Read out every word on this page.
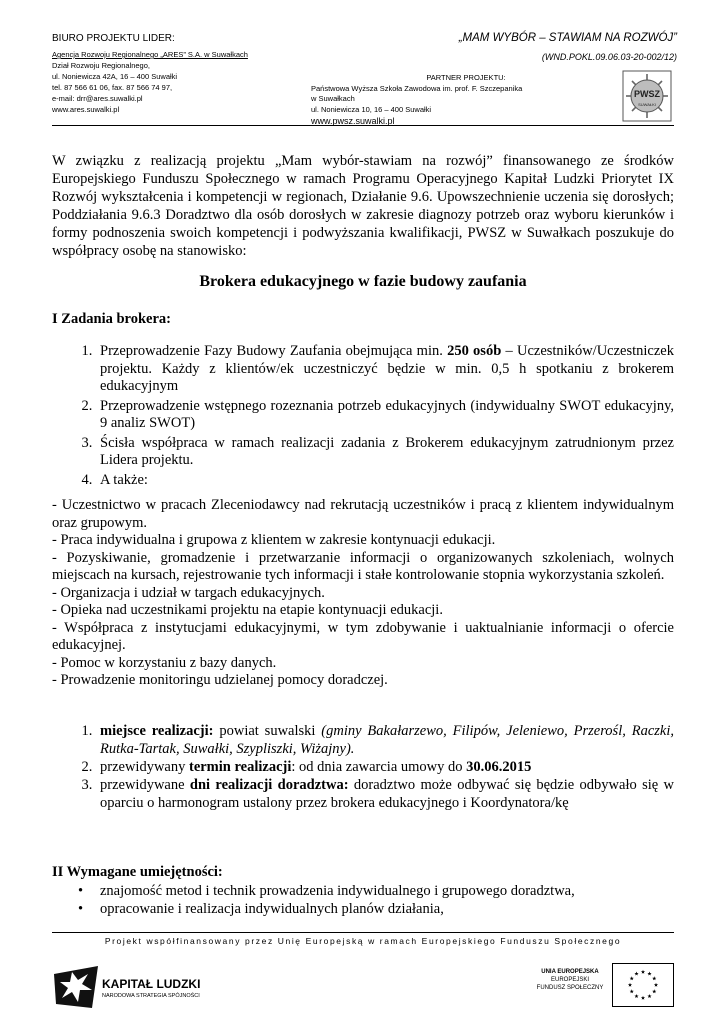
BIURO PROJEKTU LIDER:
Agencja Rozwoju Regionalnego „ARES” S.A. w Suwałkach
Dział Rozwoju Regionalnego,
ul. Noniewicza 42A, 16 – 400 Suwałki
tel. 87 566 61 06, fax. 87 566 74 97,
e-mail: drr@ares.suwalki.pl
www.ares.suwalki.pl
„MAM WYBÓR – STAWIAM NA ROZWÓJ”
(WND.POKL.09.06.03-20-002/12)
PARTNER PROJEKTU:
Państwowa Wyższa Szkoła Zawodowa im. prof. F. Szczepanika
w Suwałkach
ul. Noniewicza 10, 16 – 400 Suwałki
www.pwsz.suwalki.pl
PWSZ
SUWAŁKI
W związku z realizacją projektu „Mam wybór-stawiam na rozwój” finansowanego ze środków Europejskiego Funduszu Społecznego w ramach Programu Operacyjnego Kapitał Ludzki Priorytet IX Rozwój wykształcenia i kompetencji w regionach, Działanie 9.6. Upowszechnienie uczenia się dorosłych; Poddziałania 9.6.3 Doradztwo dla osób dorosłych w zakresie diagnozy potrzeb oraz wyboru kierunków i formy podnoszenia swoich kompetencji i podwyższania kwalifikacji, PWSZ w Suwałkach poszukuje do współpracy osobę na stanowisko:
Brokera edukacyjnego w fazie budowy zaufania
I Zadania brokera:
1. Przeprowadzenie Fazy Budowy Zaufania obejmująca min. 250 osób – Uczestników/Uczestniczek projektu. Każdy z klientów/ek uczestniczyć będzie w min. 0,5 h spotkaniu z brokerem edukacyjnym
2. Przeprowadzenie wstępnego rozeznania potrzeb edukacyjnych (indywidualny SWOT edukacyjny, 9 analiz SWOT)
3. Ścisła współpraca w ramach realizacji zadania z Brokerem edukacyjnym zatrudnionym przez Lidera projektu.
4. A także:

- Uczestnictwo w pracach Zleceniodawcy nad rekrutacją uczestników i pracą z klientem indywidualnym oraz grupowym.

- Praca indywidualna i grupowa z klientem w zakresie kontynuacji edukacji.

- Pozyskiwanie, gromadzenie i przetwarzanie informacji o organizowanych szkoleniach, wolnych miejscach na kursach, rejestrowanie tych informacji i stałe kontrolowanie stopnia wykorzystania szkoleń.

- Organizacja i udział w targach edukacyjnych.

- Opieka nad uczestnikami projektu na etapie kontynuacji edukacji.

- Współpraca z instytucjami edukacyjnymi, w tym zdobywanie i uaktualnianie informacji o ofercie edukacyjnej.

- Pomoc w korzystaniu z bazy danych.

- Prowadzenie monitoringu udzielanej pomocy doradczej.

1. miejsce realizacji: powiat suwalski (gminy Bakałarzewo, Filipów, Jeleniewo, Przerośl, Raczki, Rutka-Tartak, Suwałki, Szypliszki, Wiżajny).
2. przewidywany termin realizacji: od dnia zawarcia umowy do 30.06.2015
3. przewidywane dni realizacji doradztwa: doradztwo może odbywać się będzie odbywało się w oparciu o harmonogram ustalony przez brokera edukacyjnego i Koordynatora/kę
II Wymagane umiejętności:
• znajomość metod i technik prowadzenia indywidualnego i grupowego doradztwa,
• opracowanie i realizacja indywidualnych planów działania,
Projekt współfinansowany przez Unię Europejską w ramach Europejskiego Funduszu Społecznego
KAPITAŁ LUDZKI
NARODOWA STRATEGIA SPÓJNOŚCI
UNIA EUROPEJSKA
EUROPEJSKI
FUNDUSZ SPOŁECZNY
